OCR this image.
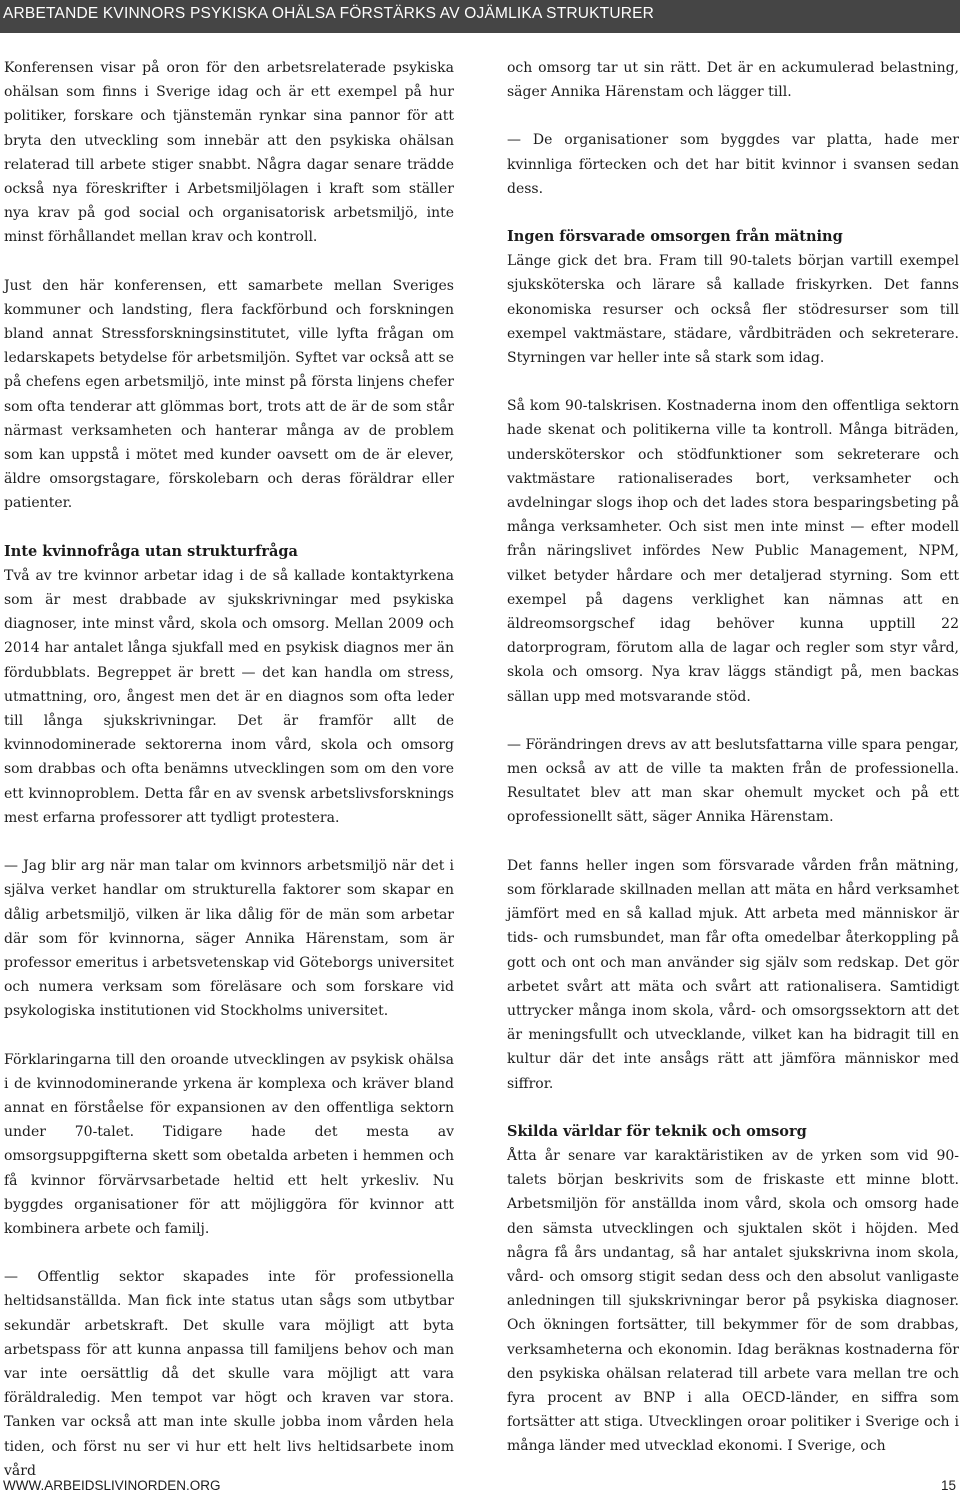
ARBETANDE KVINNORS PSYKISKA OHÄLSA FÖRSTÄRKS AV OJÄMLIKA STRUKTURER

Konferensen visar på oron för den arbetsrelaterade psykiska ohälsan som finns i Sverige idag och är ett exempel på hur politiker, forskare och tjänstemän rynkar sina pannor för att bryta den utveckling som innebär att den psykiska ohälsan relaterad till arbete stiger snabbt. Några dagar senare trädde också nya föreskrifter i Arbetsmiljölagen i kraft som ställer nya krav på god social och organisatorisk arbetsmiljö, inte minst förhållandet mellan krav och kontroll.

Just den här konferensen, ett samarbete mellan Sveriges kommuner och landsting, flera fackförbund och forskningen bland annat Stressforskningsinstitutet, ville lyfta frågan om ledarskapets betydelse för arbetsmiljön. Syftet var också att se på chefens egen arbetsmiljö, inte minst på första linjens chefer som ofta tenderar att glömmas bort, trots att de är de som står närmast verksamheten och hanterar många av de problem som kan uppstå i mötet med kunder oavsett om de är elever, äldre omsorgstagare, förskolebarn och deras föräldrar eller patienter.

Inte kvinnofråga utan strukturfråga

Två av tre kvinnor arbetar idag i de så kallade kontaktyrkena som är mest drabbade av sjukskrivningar med psykiska diagnoser, inte minst vård, skola och omsorg. Mellan 2009 och 2014 har antalet långa sjukfall med en psykisk diagnos mer än fördubblats. Begreppet är brett — det kan handla om stress, utmattning, oro, ångest men det är en diagnos som ofta leder till långa sjukskrivningar. Det är framför allt de kvinnodominerade sektorerna inom vård, skola och omsorg som drabbas och ofta benämns utvecklingen som om den vore ett kvinnoproblem. Detta får en av svensk arbetslivsforsknings mest erfarna professorer att tydligt protestera.

— Jag blir arg när man talar om kvinnors arbetsmiljö när det i själva verket handlar om strukturella faktorer som skapar en dålig arbetsmiljö, vilken är lika dålig för de män som arbetar där som för kvinnorna, säger Annika Härenstam, som är professor emeritus i arbetsvetenskap vid Göteborgs universitet och numera verksam som föreläsare och som forskare vid psykologiska institutionen vid Stockholms universitet.

Förklaringarna till den oroande utvecklingen av psykisk ohälsa i de kvinnodominerande yrkena är komplexa och kräver bland annat en förståelse för expansionen av den offentliga sektorn under 70-talet. Tidigare hade det mesta av omsorgsuppgifterna skett som obetalda arbeten i hemmen och få kvinnor förvärvsarbetade heltid ett helt yrkesliv. Nu byggdes organisationer för att möjliggöra för kvinnor att kombinera arbete och familj.

— Offentlig sektor skapades inte för professionella heltidsanställda. Man fick inte status utan sågs som utbytbar sekundär arbetskraft. Det skulle vara möjligt att byta arbetspass för att kunna anpassa till familjens behov och man var inte oersättlig då det skulle vara möjligt att vara föräldraledig. Men tempot var högt och kraven var stora. Tanken var också att man inte skulle jobba inom vården hela tiden, och först nu ser vi hur ett helt livs heltidsarbete inom vård

och omsorg tar ut sin rätt. Det är en ackumulerad belastning, säger Annika Härenstam och lägger till.

— De organisationer som byggdes var platta, hade mer kvinnliga förtecken och det har bitit kvinnor i svansen sedan dess.

Ingen försvarade omsorgen från mätning

Länge gick det bra. Fram till 90-talets början vartill exempel sjuksköterska och lärare så kallade friskyrken. Det fanns ekonomiska resurser och också fler stödresurser som till exempel vaktmästare, städare, vårdbiträden och sekreterare. Styrningen var heller inte så stark som idag.

Så kom 90-talskrisen. Kostnaderna inom den offentliga sektorn hade skenat och politikerna ville ta kontroll. Många biträden, undersköterskor och stödfunktioner som sekreterare och vaktmästare rationaliserades bort, verksamheter och avdelningar slogs ihop och det lades stora besparingsbeting på många verksamheter. Och sist men inte minst — efter modell från näringslivet infördes New Public Management, NPM, vilket betyder hårdare och mer detaljerad styrning. Som ett exempel på dagens verklighet kan nämnas att en äldreomsorgschef idag behöver kunna upptill 22 datorprogram, förutom alla de lagar och regler som styr vård, skola och omsorg. Nya krav läggs ständigt på, men backas sällan upp med motsvarande stöd.

— Förändringen drevs av att beslutsfattarna ville spara pengar, men också av att de ville ta makten från de professionella. Resultatet blev att man skar ohemult mycket och på ett oprofessionellt sätt, säger Annika Härenstam.

Det fanns heller ingen som försvarade vården från mätning, som förklarade skillnaden mellan att mäta en hård verksamhet jämfört med en så kallad mjuk. Att arbeta med människor är tids- och rumsbundet, man får ofta omedelbar återkoppling på gott och ont och man använder sig själv som redskap. Det gör arbetet svårt att mäta och svårt att rationalisera. Samtidigt uttrycker många inom skola, vård- och omsorgssektorn att det är meningsfullt och utvecklande, vilket kan ha bidragit till en kultur där det inte ansågs rätt att jämföra människor med siffror.

Skilda världar för teknik och omsorg

Åtta år senare var karaktäristiken av de yrken som vid 90-talets början beskrivits som de friskaste ett minne blott. Arbetsmiljön för anställda inom vård, skola och omsorg hade den sämsta utvecklingen och sjuktalen sköt i höjden. Med några få års undantag, så har antalet sjukskrivna inom skola, vård- och omsorg stigit sedan dess och den absolut vanligaste anledningen till sjukskrivningar beror på psykiska diagnoser. Och ökningen fortsätter, till bekymmer för de som drabbas, verksamheterna och ekonomin. Idag beräknas kostnaderna för den psykiska ohälsan relaterad till arbete vara mellan tre och fyra procent av BNP i alla OECD-länder, en siffra som fortsätter att stiga. Utvecklingen oroar politiker i Sverige och i många länder med utvecklad ekonomi. I Sverige, och

WWW.ARBEIDSLIVINORDEN.ORG	15
